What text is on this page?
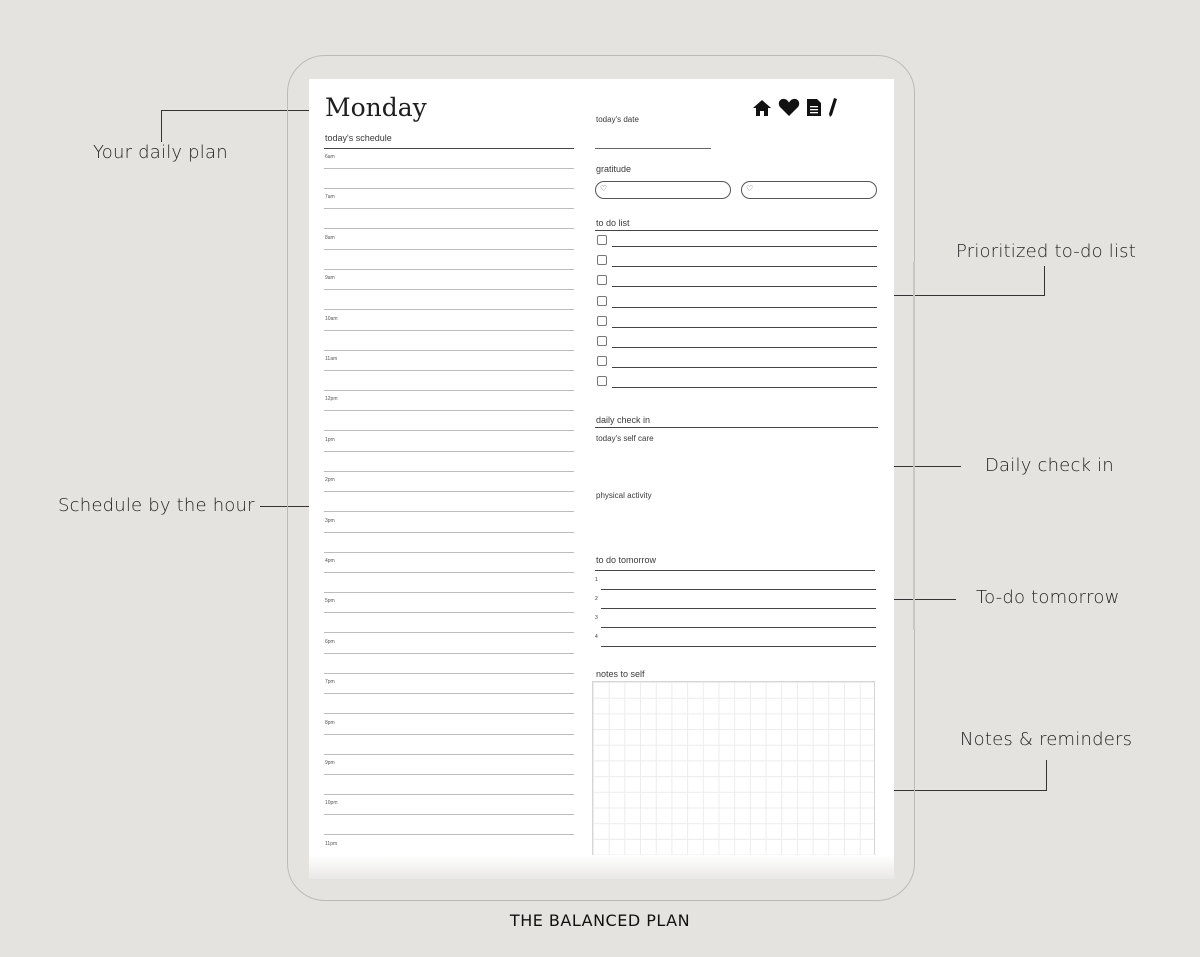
Your daily plan
Schedule by the hour
Prioritized to-do list
Daily check in
To-do tomorrow
Notes & reminders
Monday
today's schedule
6am
7am
8am
9am
10am
11am
12pm
1pm
2pm
3pm
4pm
5pm
6pm
7pm
8pm
9pm
10pm
11pm
today's date
gratitude
♡	♡
to do list
daily check in
today's self care
physical activity
to do tomorrow
1
2
3
4
notes to self
THE BALANCED PLAN
